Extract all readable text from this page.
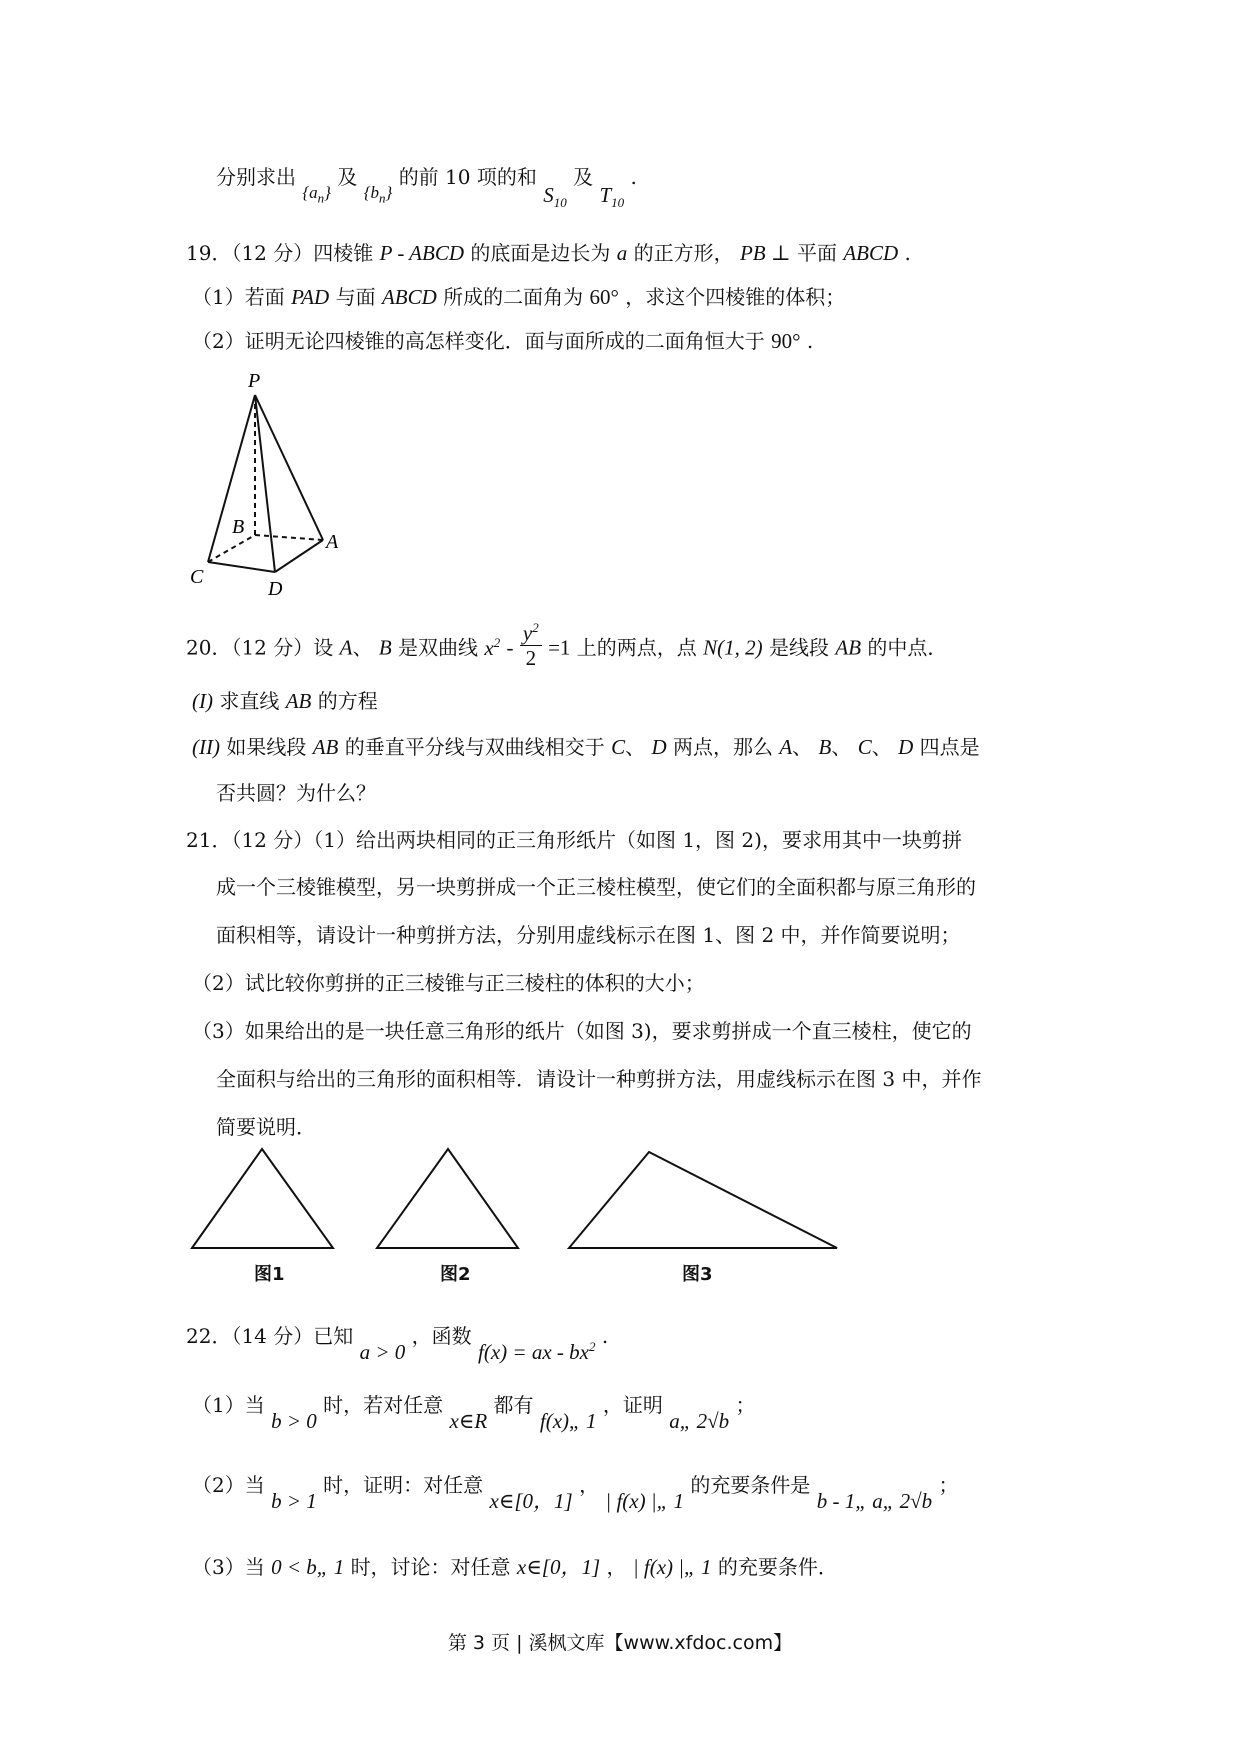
分别求出 $_{\{a_n\}}$ 及 $_{\{b_n\}}$ 的前 10 项的和 $S_{10}$ 及 $T_{10}$ .
19．（12 分）四棱锥 P - ABCD 的底面是边长为 a 的正方形， PB ⊥ 平面 ABCD .
（1）若面 PAD 与面 ABCD 所成的二面角为 60° ，求这个四棱锥的体积；
（2）证明无论四棱锥的高怎样变化．面与面所成的二面角恒大于 90° .
P
B
A
C
D
20．（12 分）设 A、 B 是双曲线 $x^2 - \frac{y^2}{2} =1$ 上的两点，点 N(1, 2) 是线段 AB 的中点．
(I) 求直线 AB 的方程
(II) 如果线段 AB 的垂直平分线与双曲线相交于 C、 D 两点，那么 A、 B、 C、 D 四点是
否共圆？为什么？
21．（12 分）（1）给出两块相同的正三角形纸片（如图 1，图 2)，要求用其中一块剪拼
成一个三棱锥模型，另一块剪拼成一个正三棱柱模型，使它们的全面积都与原三角形的
面积相等，请设计一种剪拼方法，分别用虚线标示在图 1、图 2 中，并作简要说明；
（2）试比较你剪拼的正三棱锥与正三棱柱的体积的大小；
（3）如果给出的是一块任意三角形的纸片（如图 3)，要求剪拼成一个直三棱柱，使它的
全面积与给出的三角形的面积相等．请设计一种剪拼方法，用虚线标示在图 3 中，并作
简要说明．
图1	图2	图3
22．（14 分）已知 a > 0 ，函数 f(x) = ax - $bx^2$ .
（1）当 b > 0 时，若对任意 x∈R 都有 f(x)„ 1 ，证明 a„ 2√b ；
（2）当 b > 1 时，证明：对任意 x∈[0，1] ， | f(x) |„ 1 的充要条件是 b - 1„ a„ 2√b ；
（3）当 0 < b„ 1 时，讨论：对任意 x∈[0，1] ， | f(x) |„ 1 的充要条件．
第 3 页 | 溪枫文库【www.xfdoc.com】
